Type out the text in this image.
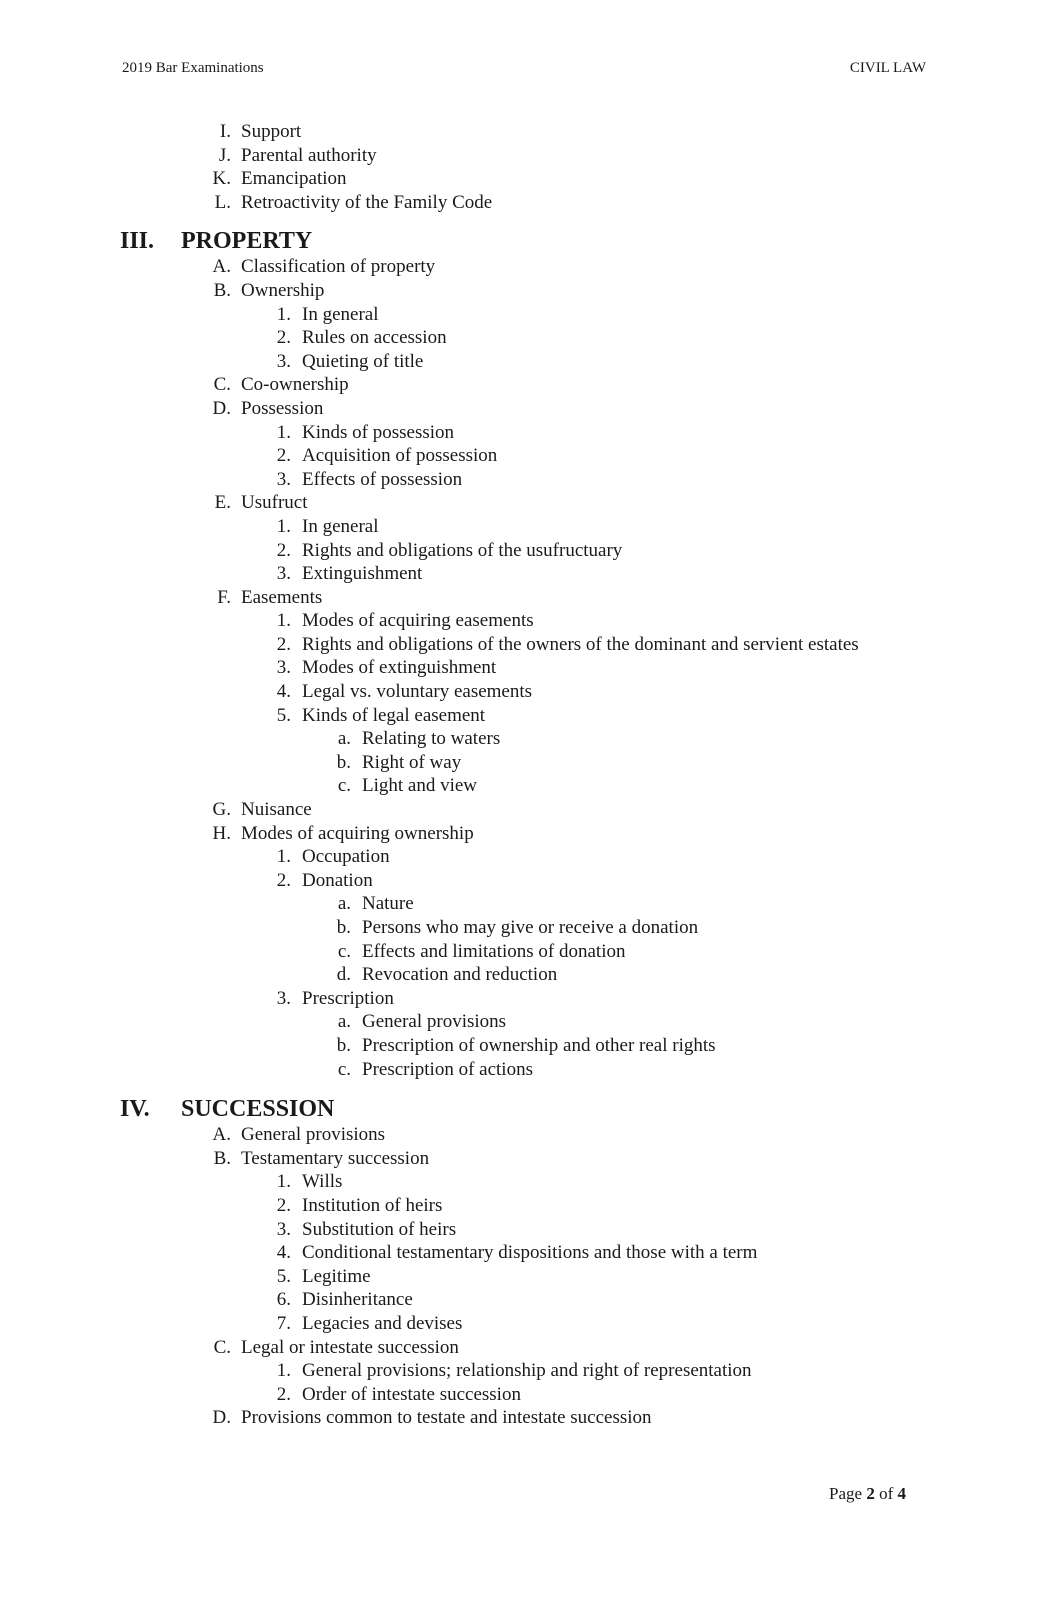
2019 Bar Examinations	CIVIL LAW
I. Support
J. Parental authority
K. Emancipation
L. Retroactivity of the Family Code
III. PROPERTY
A. Classification of property
B. Ownership
1. In general
2. Rules on accession
3. Quieting of title
C. Co-ownership
D. Possession
1. Kinds of possession
2. Acquisition of possession
3. Effects of possession
E. Usufruct
1. In general
2. Rights and obligations of the usufructuary
3. Extinguishment
F. Easements
1. Modes of acquiring easements
2. Rights and obligations of the owners of the dominant and servient estates
3. Modes of extinguishment
4. Legal vs. voluntary easements
5. Kinds of legal easement
a. Relating to waters
b. Right of way
c. Light and view
G. Nuisance
H. Modes of acquiring ownership
1. Occupation
2. Donation
a. Nature
b. Persons who may give or receive a donation
c. Effects and limitations of donation
d. Revocation and reduction
3. Prescription
a. General provisions
b. Prescription of ownership and other real rights
c. Prescription of actions
IV. SUCCESSION
A. General provisions
B. Testamentary succession
1. Wills
2. Institution of heirs
3. Substitution of heirs
4. Conditional testamentary dispositions and those with a term
5. Legitime
6. Disinheritance
7. Legacies and devises
C. Legal or intestate succession
1. General provisions; relationship and right of representation
2. Order of intestate succession
D. Provisions common to testate and intestate succession
Page 2 of 4
